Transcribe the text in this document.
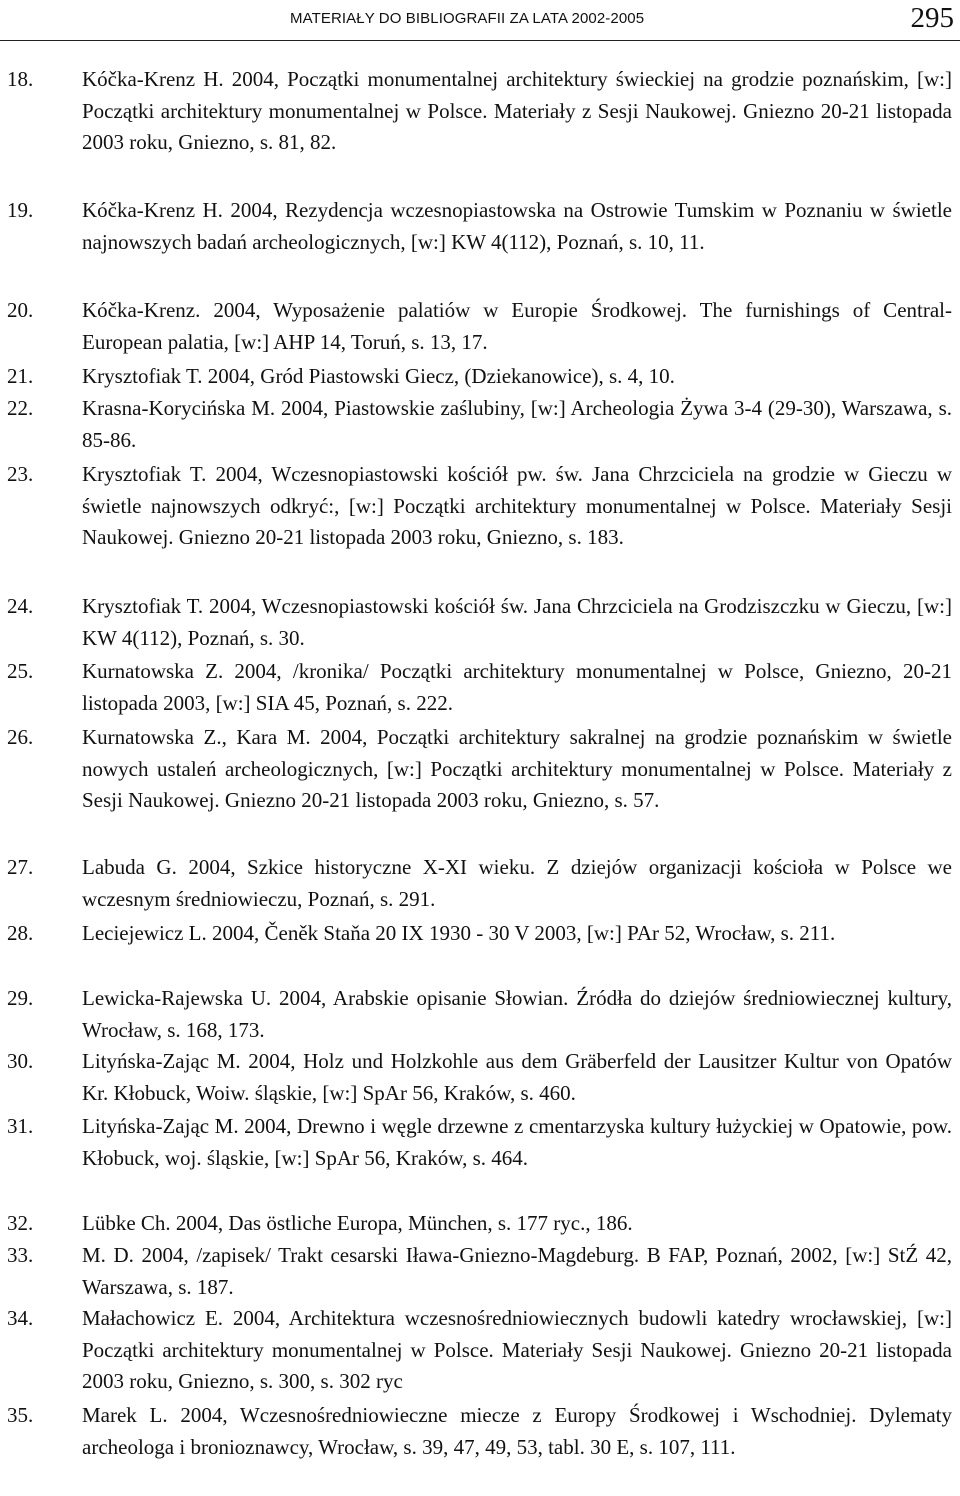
MATERIAŁY DO BIBLIOGRAFII ZA LATA 2002-2005	295
18. Kóčka-Krenz H. 2004, Początki monumentalnej architektury świeckiej na grodzie poznańskim, [w:] Początki architektury monumentalnej w Polsce. Materiały z Sesji Naukowej. Gniezno 20-21 listopada 2003 roku, Gniezno, s. 81, 82.
19. Kóčka-Krenz H. 2004, Rezydencja wczesnopiastowska na Ostrowie Tumskim w Poznaniu w świetle najnowszych badań archeologicznych, [w:] KW 4(112), Poznań, s. 10, 11.
20. Kóčka-Krenz. 2004, Wyposażenie palatiów w Europie Środkowej. The furnishings of Central-European palatia, [w:] AHP 14, Toruń, s. 13, 17.
21. Krysztofiak T. 2004, Gród Piastowski Giecz, (Dziekanowice), s. 4, 10.
22. Krasna-Korycińska M. 2004, Piastowskie zaślubiny, [w:] Archeologia Żywa 3-4 (29-30), Warszawa, s. 85-86.
23. Krysztofiak T. 2004, Wczesnopiastowski kościół pw. św. Jana Chrzciciela na grodzie w Gieczu w świetle najnowszych odkryć:, [w:] Początki architektury monumentalnej w Polsce. Materiały Sesji Naukowej. Gniezno 20-21 listopada 2003 roku, Gniezno, s. 183.
24. Krysztofiak T. 2004, Wczesnopiastowski kościół św. Jana Chrzciciela na Grodziszczku w Gieczu, [w:] KW 4(112), Poznań, s. 30.
25. Kurnatowska Z. 2004, /kronika/ Początki architektury monumentalnej w Polsce, Gniezno, 20-21 listopada 2003, [w:] SIA 45, Poznań, s. 222.
26. Kurnatowska Z., Kara M. 2004, Początki architektury sakralnej na grodzie poznańskim w świetle nowych ustaleń archeologicznych, [w:] Początki architektury monumentalnej w Polsce. Materiały z Sesji Naukowej. Gniezno 20-21 listopada 2003 roku, Gniezno, s. 57.
27. Labuda G. 2004, Szkice historyczne X-XI wieku. Z dziejów organizacji kościoła w Polsce we wczesnym średniowieczu, Poznań, s. 291.
28. Leciejewicz L. 2004, Čeněk Staňa 20 IX 1930 - 30 V 2003, [w:] PAr 52, Wrocław, s. 211.
29. Lewicka-Rajewska U. 2004, Arabskie opisanie Słowian. Źródła do dziejów średniowiecznej kultury, Wrocław, s. 168, 173.
30. Lityńska-Zając M. 2004, Holz und Holzkohle aus dem Gräberfeld der Lausitzer Kultur von Opatów Kr. Kłobuck, Woiw. śląskie, [w:] SpAr 56, Kraków, s. 460.
31. Lityńska-Zając M. 2004, Drewno i węgle drzewne z cmentarzyska kultury łużyckiej w Opatowie, pow. Kłobuck, woj. śląskie, [w:] SpAr 56, Kraków, s. 464.
32. Lübke Ch. 2004, Das östliche Europa, München, s. 177 ryc., 186.
33. M. D. 2004, /zapisek/ Trakt cesarski Iława-Gniezno-Magdeburg. B FAP, Poznań, 2002, [w:] StŹ 42, Warszawa, s. 187.
34. Małachowicz E. 2004, Architektura wczesnośredniowiecznych budowli katedry wrocławskiej, [w:] Początki architektury monumentalnej w Polsce. Materiały Sesji Naukowej. Gniezno 20-21 listopada 2003 roku, Gniezno, s. 300, s. 302 ryc
35. Marek L. 2004, Wczesnośredniowieczne miecze z Europy Środkowej i Wschodniej. Dylematy archeologa i bronioznawcy, Wrocław, s. 39, 47, 49, 53, tabl. 30 E, s. 107, 111.
